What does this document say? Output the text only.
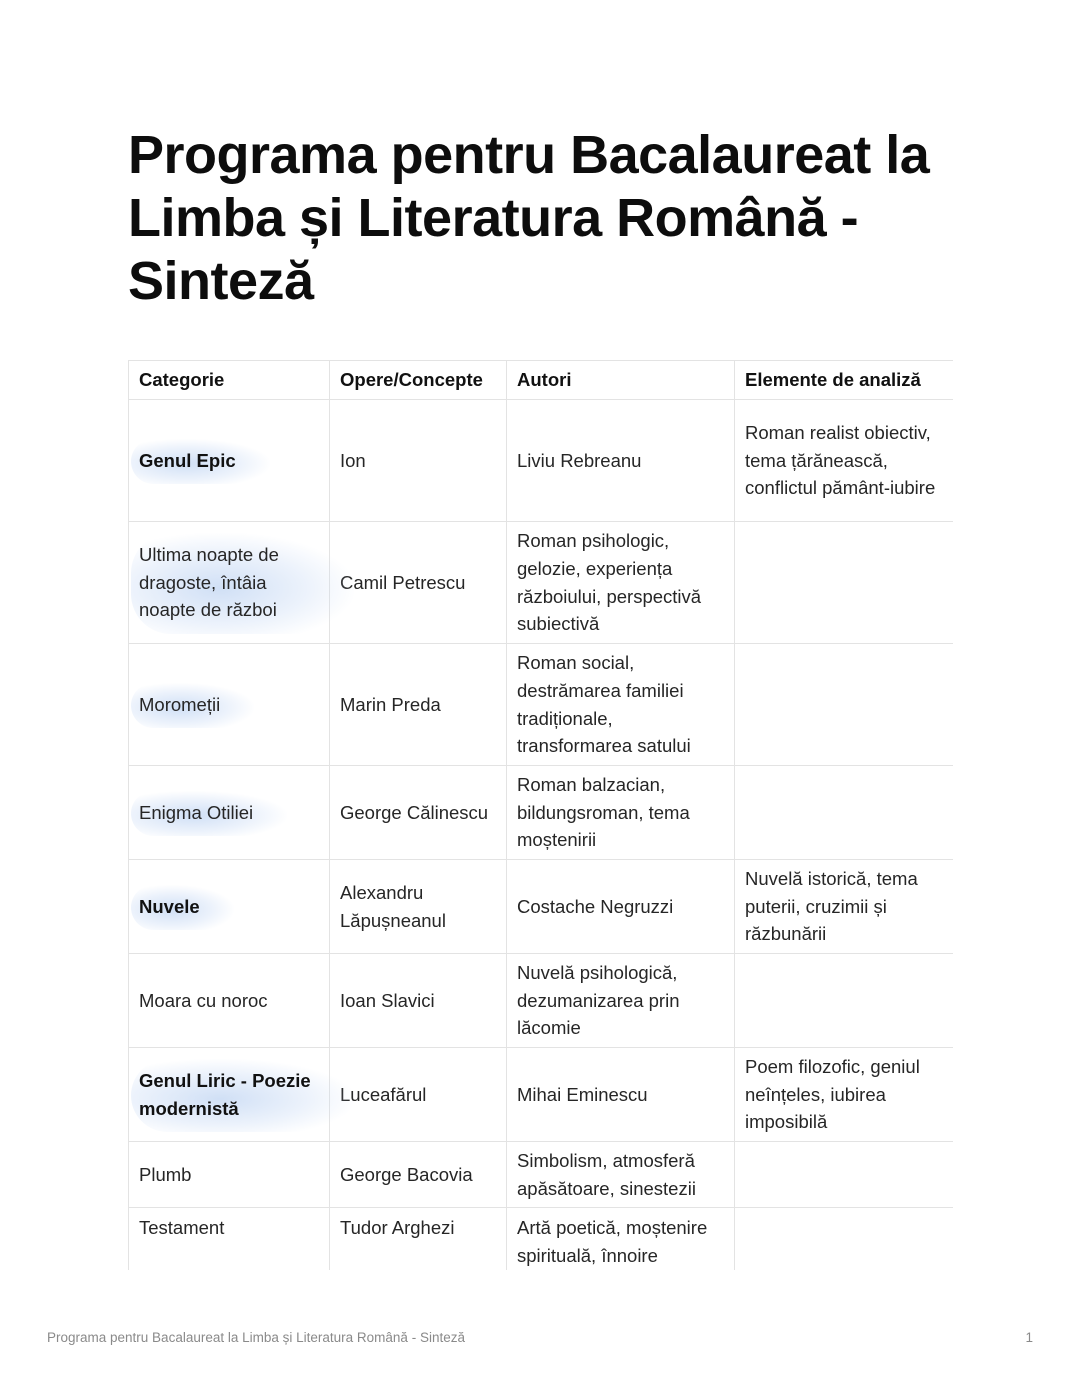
Programa pentru Bacalaureat la Limba și Literatura Română - Sinteză
Categorie	Opere/Concepte	Autori	Elemente de analiză
Genul Epic	Ion	Liviu Rebreanu	Roman realist obiectiv, tema țărănească, conflictul pământ-iubire
Ultima noapte de dragoste, întâia noapte de război	Camil Petrescu	Roman psihologic, gelozie, experiența războiului, perspectivă subiectivă	
Moromeții	Marin Preda	Roman social, destrămarea familiei tradiționale, transformarea satului	
Enigma Otiliei	George Călinescu	Roman balzacian, bildungsroman, tema moștenirii	
Nuvele	Alexandru Lăpușneanul	Costache Negruzzi	Nuvelă istorică, tema puterii, cruzimii și răzbunării
Moara cu noroc	Ioan Slavici	Nuvelă psihologică, dezumanizarea prin lăcomie	
Genul Liric - Poezie modernistă	Luceafărul	Mihai Eminescu	Poem filozofic, geniul neînțeles, iubirea imposibilă
Plumb	George Bacovia	Simbolism, atmosferă apăsătoare, sinestezii	
Testament	Tudor Arghezi	Artă poetică, moștenire spirituală, înnoire	
Programa pentru Bacalaureat la Limba și Literatura Română - Sinteză	1
